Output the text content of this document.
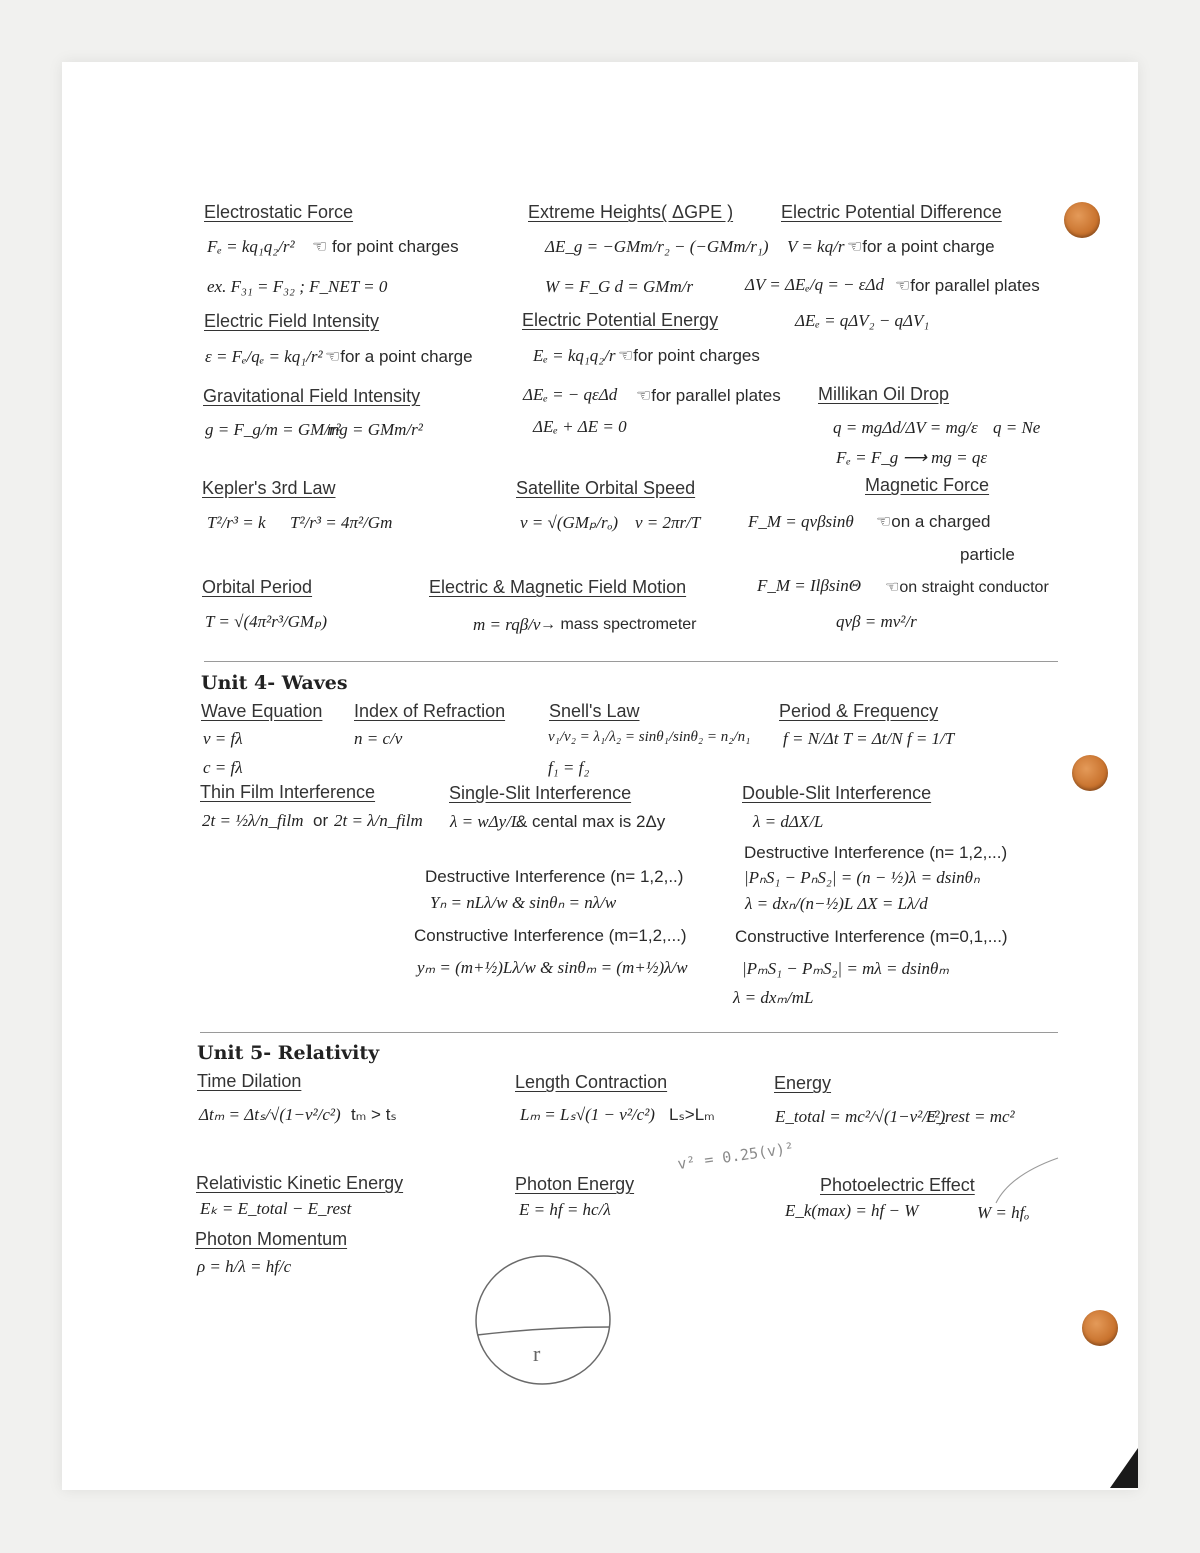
Electrostatic Force
Fₑ = kq₁q₂/r² ☜ for point charges
ex. F₃₁ = F₃₂ ; F_NET = 0
Extreme Heights( ΔGPE )
ΔE_g = −GMm/r₂ − (−GMm/r₁)
W = F_G d = GMm/r
Electric Potential Difference
V = kq/r ☜for a point charge
ΔV = ΔEₑ/q = − εΔd ☜for parallel plates
ΔEₑ = qΔV₂ − qΔV₁
Electric Field Intensity
ε = Fₑ/qₑ = kq₁/r² ☜for a point charge
Electric Potential Energy
Eₑ = kq₁q₂/r ☜for point charges
ΔEₑ = − qεΔd ☜for parallel plates
ΔEₑ + ΔE = 0
Gravitational Field Intensity
g = F_g/m = GM/r²
mg = GMm/r²
Millikan Oil Drop
q = mgΔd/ΔV = mg/ε q = Ne
Fₑ = F_g ⟶ mg = qε
Kepler's 3rd Law
T²/r³ = k T²/r³ = 4π²/Gm
Satellite Orbital Speed
v = √(GMₚ/rₒ) v = 2πr/T
Magnetic Force
F_M = qvβsinθ ☜on a charged
particle
F_M = IlβsinΘ ☜on straight conductor
qvβ = mv²/r
Orbital Period
T = √(4π²r³/GMₚ)
Electric & Magnetic Field Motion
m = rqβ/v → mass spectrometer
Unit 4- Waves
Wave Equation
v = fλ
c = fλ
Index of Refraction
n = c/v
Snell's Law
v₁/v₂ = λ₁/λ₂ = sinθ₁/sinθ₂ = n₂/n₁
f₁ = f₂
Period & Frequency
f = N/Δt T = Δt/N f = 1/T
Thin Film Interference
2t = ½λ/n_film or 2t = λ/n_film
Single-Slit Interference
λ = wΔy/L
& cental max is 2Δy
Destructive Interference (n= 1,2,..)
Yₙ = nLλ/w & sinθₙ = nλ/w
Constructive Interference (m=1,2,...)
yₘ = (m+½)Lλ/w & sinθₘ = (m+½)λ/w
Double-Slit Interference
λ = dΔX/L
Destructive Interference (n= 1,2,...)
|PₙS₁ − PₙS₂| = (n − ½)λ = dsinθₙ
λ = dxₙ/(n−½)L ΔX = Lλ/d
Constructive Interference (m=0,1,...)
|PₘS₁ − PₘS₂| = mλ = dsinθₘ
λ = dxₘ/mL
Unit 5- Relativity
Time Dilation
Δtₘ = Δtₛ/√(1−v²/c²) tₘ > tₛ
Length Contraction
Lₘ = Lₛ√(1 − v²/c²) Lₛ>Lₘ
Energy
E_total = mc²/√(1−v²/c²)
E_rest = mc²
Relativistic Kinetic Energy
Eₖ = E_total − E_rest
Photon Energy
E = hf = hc/λ
Photoelectric Effect
E_k(max) = hf − W	W = hfₒ
Photon Momentum
ρ = h/λ = hf/c
v² = 0.25(v)²
r
